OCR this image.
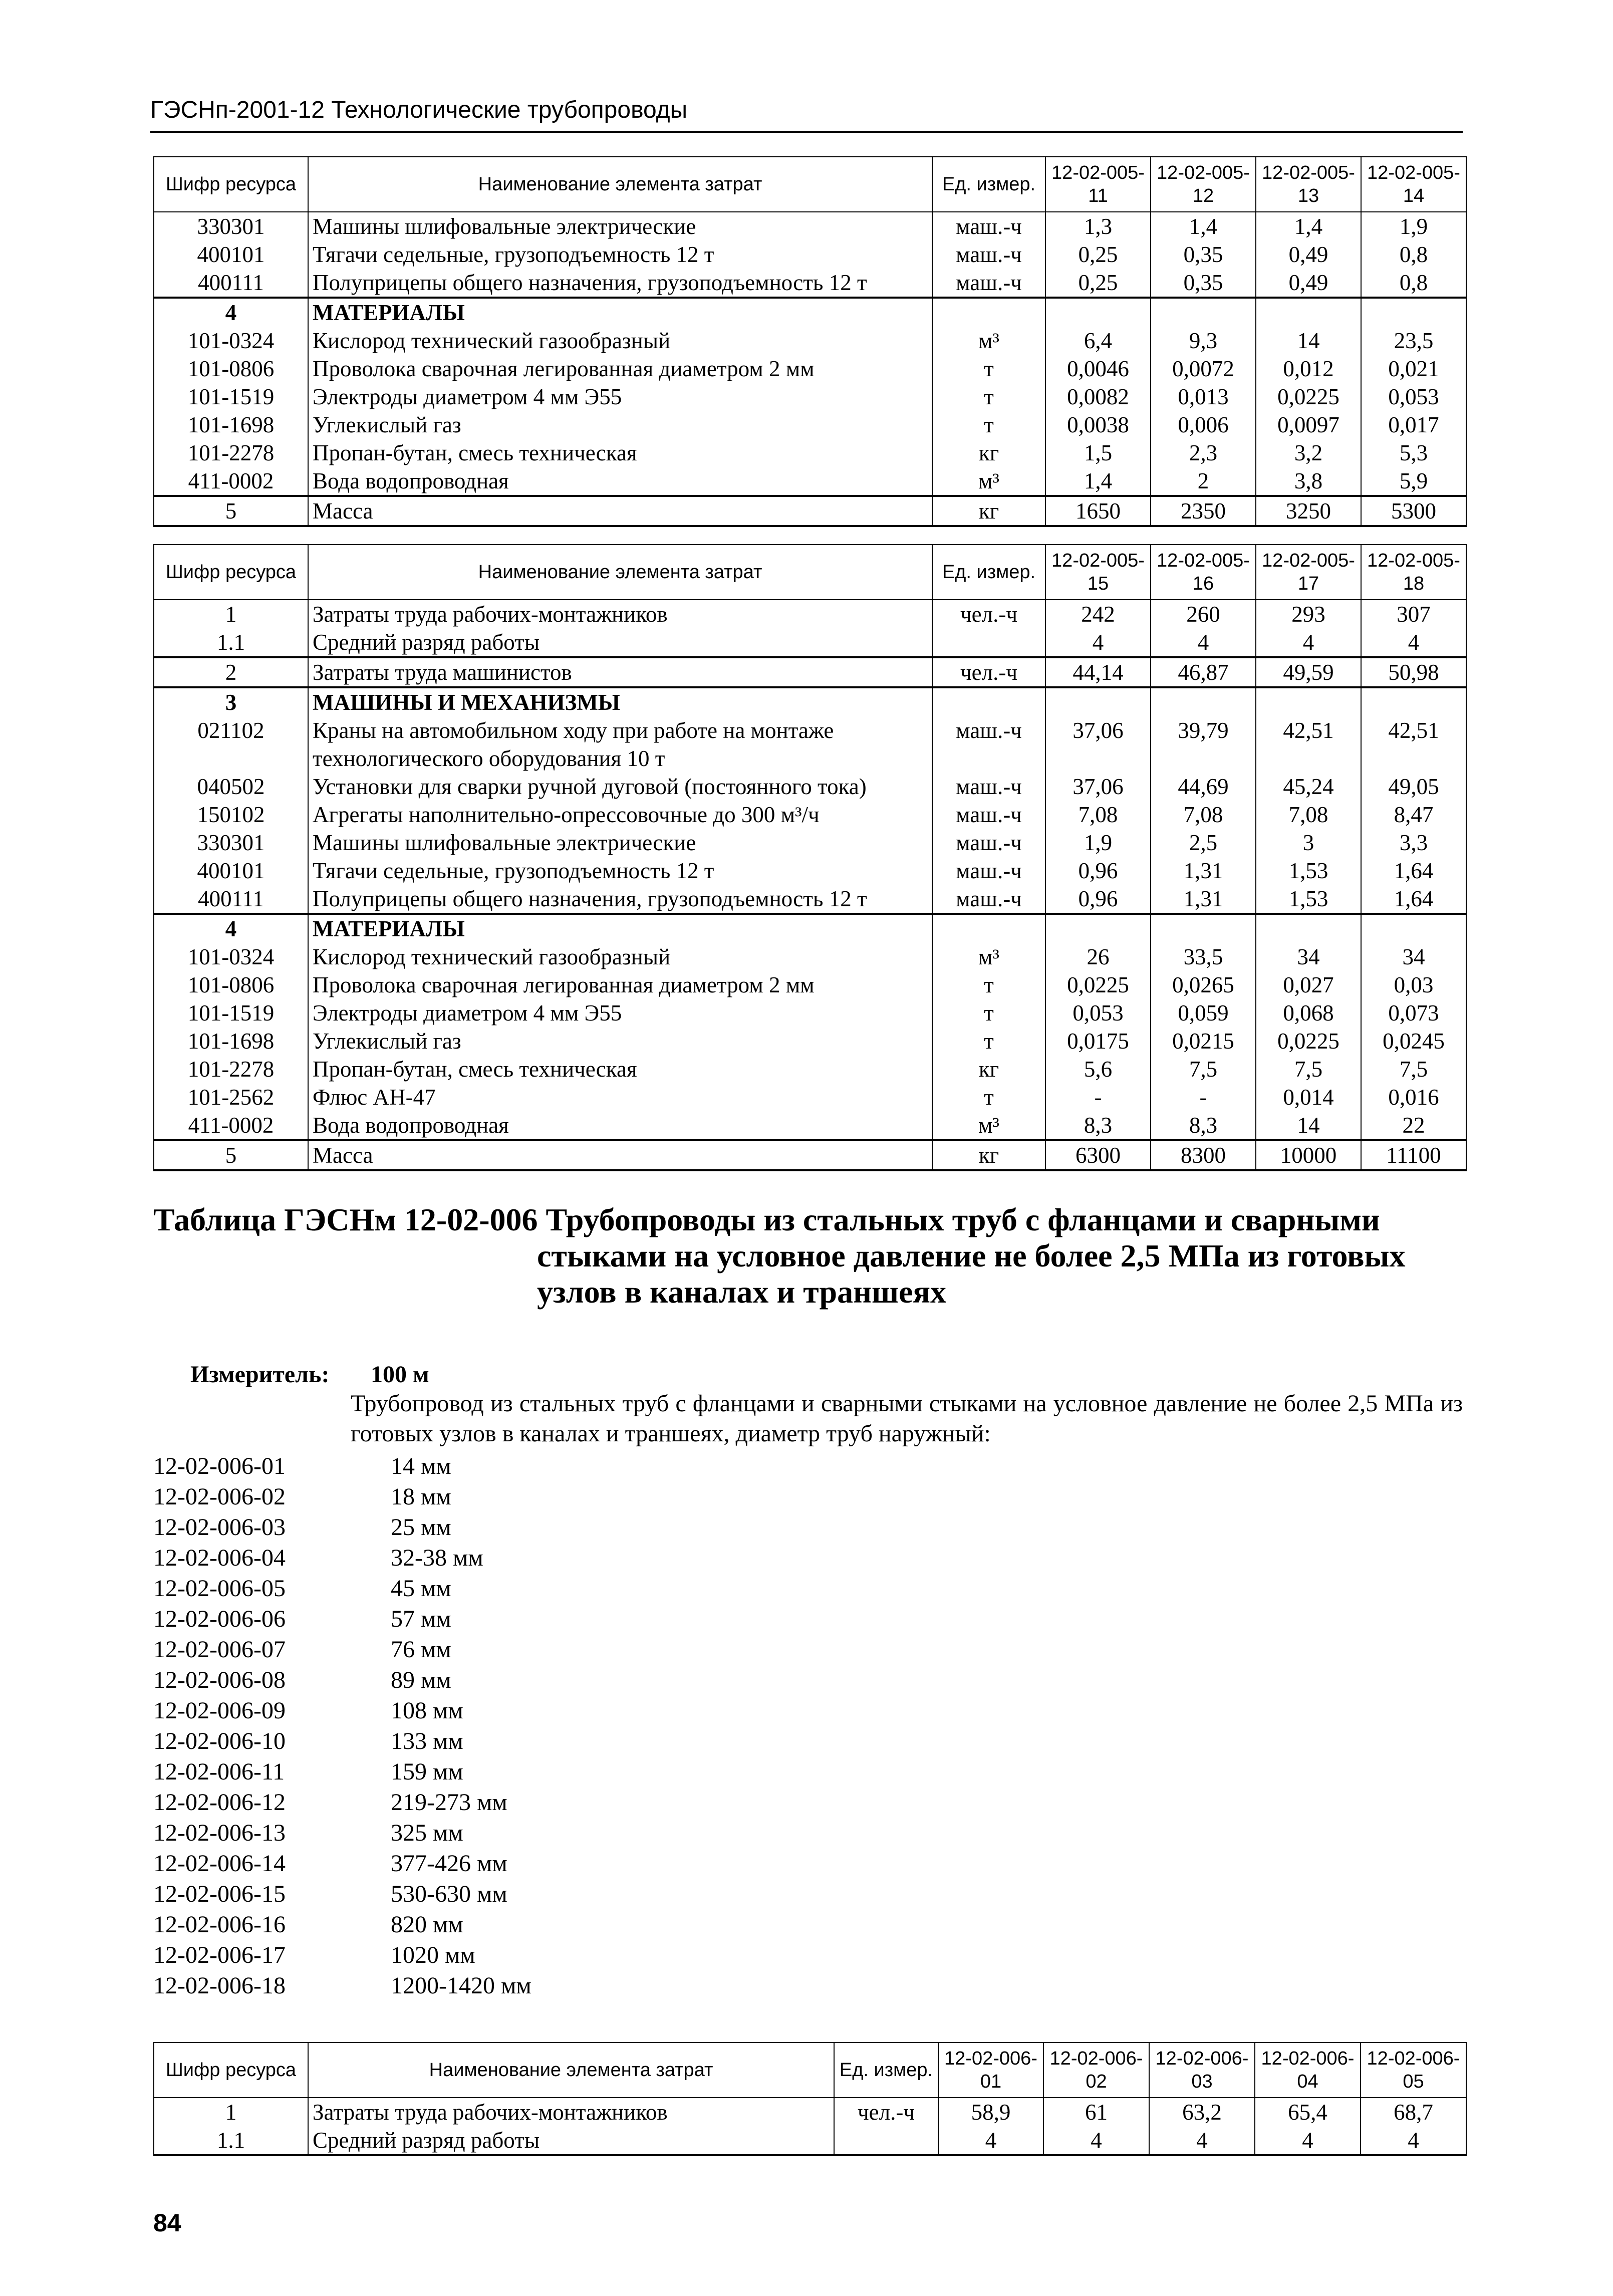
ГЭСНп-2001-12 Технологические трубопроводы
Шифр ресурса	Наименование элемента затрат	Ед. измер.	12-02-005-11	12-02-005-12	12-02-005-13	12-02-005-14
330301	Машины шлифовальные электрические	маш.-ч	1,3	1,4	1,4	1,9
400101	Тягачи седельные, грузоподъемность 12 т	маш.-ч	0,25	0,35	0,49	0,8
400111	Полуприцепы общего назначения, грузоподъемность 12 т	маш.-ч	0,25	0,35	0,49	0,8
4	МАТЕРИАЛЫ					
101-0324	Кислород технический газообразный	м³	6,4	9,3	14	23,5
101-0806	Проволока сварочная легированная диаметром 2 мм	т	0,0046	0,0072	0,012	0,021
101-1519	Электроды диаметром 4 мм Э55	т	0,0082	0,013	0,0225	0,053
101-1698	Углекислый газ	т	0,0038	0,006	0,0097	0,017
101-2278	Пропан-бутан, смесь техническая	кг	1,5	2,3	3,2	5,3
411-0002	Вода водопроводная	м³	1,4	2	3,8	5,9
5	Масса	кг	1650	2350	3250	5300
Шифр ресурса	Наименование элемента затрат	Ед. измер.	12-02-005-15	12-02-005-16	12-02-005-17	12-02-005-18
1	Затраты труда рабочих-монтажников	чел.-ч	242	260	293	307
1.1	Средний разряд работы		4	4	4	4
2	Затраты труда машинистов	чел.-ч	44,14	46,87	49,59	50,98
3	МАШИНЫ И МЕХАНИЗМЫ					
021102	Краны на автомобильном ходу при работе на монтаже технологического оборудования 10 т	маш.-ч	37,06	39,79	42,51	42,51
040502	Установки для сварки ручной дуговой (постоянного тока)	маш.-ч	37,06	44,69	45,24	49,05
150102	Агрегаты наполнительно-опрессовочные до 300 м³/ч	маш.-ч	7,08	7,08	7,08	8,47
330301	Машины шлифовальные электрические	маш.-ч	1,9	2,5	3	3,3
400101	Тягачи седельные, грузоподъемность 12 т	маш.-ч	0,96	1,31	1,53	1,64
400111	Полуприцепы общего назначения, грузоподъемность 12 т	маш.-ч	0,96	1,31	1,53	1,64
4	МАТЕРИАЛЫ					
101-0324	Кислород технический газообразный	м³	26	33,5	34	34
101-0806	Проволока сварочная легированная диаметром 2 мм	т	0,0225	0,0265	0,027	0,03
101-1519	Электроды диаметром 4 мм Э55	т	0,053	0,059	0,068	0,073
101-1698	Углекислый газ	т	0,0175	0,0215	0,0225	0,0245
101-2278	Пропан-бутан, смесь техническая	кг	5,6	7,5	7,5	7,5
101-2562	Флюс АН-47	т	-	-	0,014	0,016
411-0002	Вода водопроводная	м³	8,3	8,3	14	22
5	Масса	кг	6300	8300	10000	11100
Таблица ГЭСНм 12-02-006 Трубопроводы из стальных труб с фланцами и сварными
стыками на условное давление не более 2,5 МПа из готовых
узлов в каналах и траншеях
Измеритель: 100 м
Трубопровод из стальных труб с фланцами и сварными стыками на условное давление не более 2,5 МПа из готовых узлов в каналах и траншеях, диаметр труб наружный:
12-02-006-01	14 мм
12-02-006-02	18 мм
12-02-006-03	25 мм
12-02-006-04	32-38 мм
12-02-006-05	45 мм
12-02-006-06	57 мм
12-02-006-07	76 мм
12-02-006-08	89 мм
12-02-006-09	108 мм
12-02-006-10	133 мм
12-02-006-11	159 мм
12-02-006-12	219-273 мм
12-02-006-13	325 мм
12-02-006-14	377-426 мм
12-02-006-15	530-630 мм
12-02-006-16	820 мм
12-02-006-17	1020 мм
12-02-006-18	1200-1420 мм
Шифр ресурса	Наименование элемента затрат	Ед. измер.	12-02-006-01	12-02-006-02	12-02-006-03	12-02-006-04	12-02-006-05
1	Затраты труда рабочих-монтажников	чел.-ч	58,9	61	63,2	65,4	68,7
1.1	Средний разряд работы		4	4	4	4	4
84
